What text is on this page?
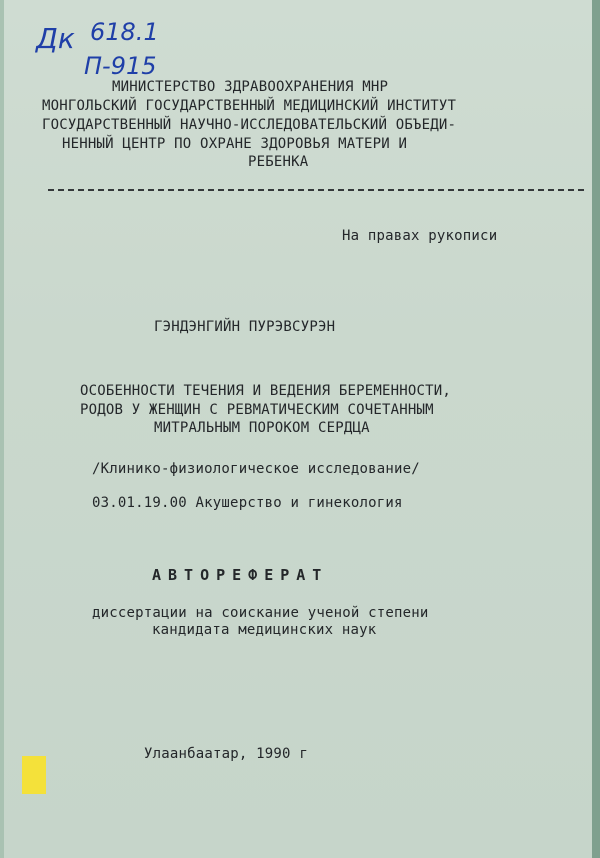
Дк 618.1
П-915
МИНИСТЕРСТВО ЗДРАВООХРАНЕНИЯ МНР
МОНГОЛЬСКИЙ ГОСУДАРСТВЕННЫЙ МЕДИЦИНСКИЙ ИНСТИТУТ
ГОСУДАРСТВЕННЫЙ НАУЧНО-ИССЛЕДОВАТЕЛЬСКИЙ ОБЪЕДИ-
НЕННЫЙ ЦЕНТР ПО ОХРАНЕ ЗДОРОВЬЯ МАТЕРИ И
РЕБЕНКА
На правах рукописи
ГЭНДЭНГИЙН ПУРЭВСУРЭН
ОСОБЕННОСТИ ТЕЧЕНИЯ И ВЕДЕНИЯ БЕРЕМЕННОСТИ,
РОДОВ У ЖЕНЩИН С РЕВМАТИЧЕСКИМ СОЧЕТАННЫМ
МИТРАЛЬНЫМ ПОРОКОМ СЕРДЦА
/Клинико-физиологическое исследование/
03.01.19.00 Акушерство и гинекология
АВТОРЕФЕРАТ
диссертации на соискание ученой степени
кандидата медицинских наук
Улаанбаатар, 1990 г
